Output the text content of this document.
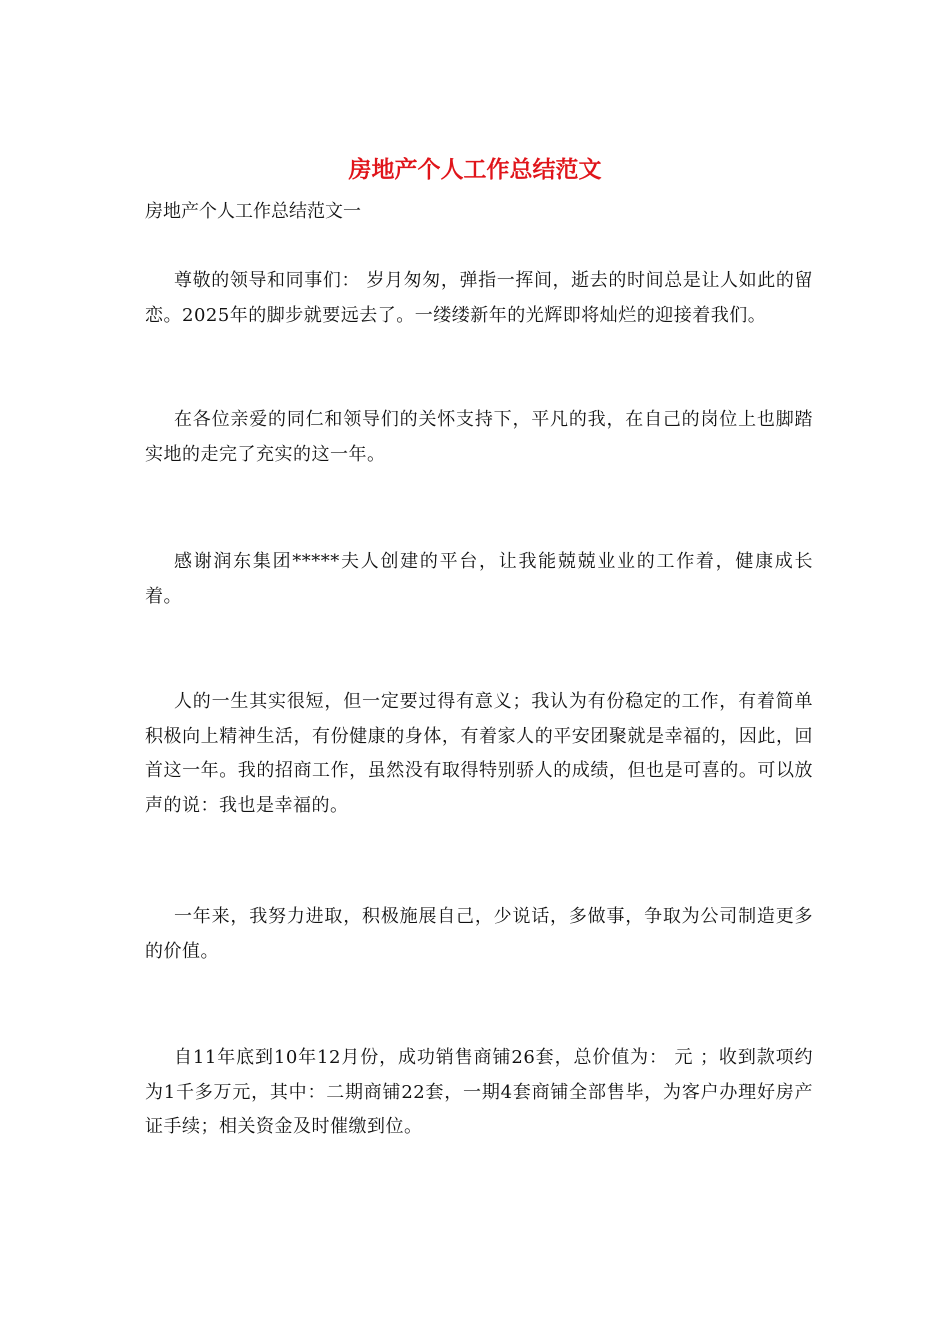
房地产个人工作总结范文

房地产个人工作总结范文一

尊敬的领导和同事们： 岁月匆匆，弹指一挥间，逝去的时间总是让人如此的留恋。2025年的脚步就要远去了。一缕缕新年的光辉即将灿烂的迎接着我们。

在各位亲爱的同仁和领导们的关怀支持下，平凡的我，在自己的岗位上也脚踏实地的走完了充实的这一年。

感谢润东集团*****夫人创建的平台，让我能兢兢业业的工作着，健康成长着。

人的一生其实很短，但一定要过得有意义；我认为有份稳定的工作，有着简单积极向上精神生活，有份健康的身体，有着家人的平安团聚就是幸福的，因此，回首这一年。我的招商工作，虽然没有取得特别骄人的成绩，但也是可喜的。可以放声的说：我也是幸福的。

一年来，我努力进取，积极施展自己，少说话，多做事，争取为公司制造更多的价值。

自11年底到10年12月份，成功销售商铺26套，总价值为： 元 ；收到款项约为1千多万元，其中：二期商铺22套，一期4套商铺全部售毕，为客户办理好房产证手续；相关资金及时催缴到位。
